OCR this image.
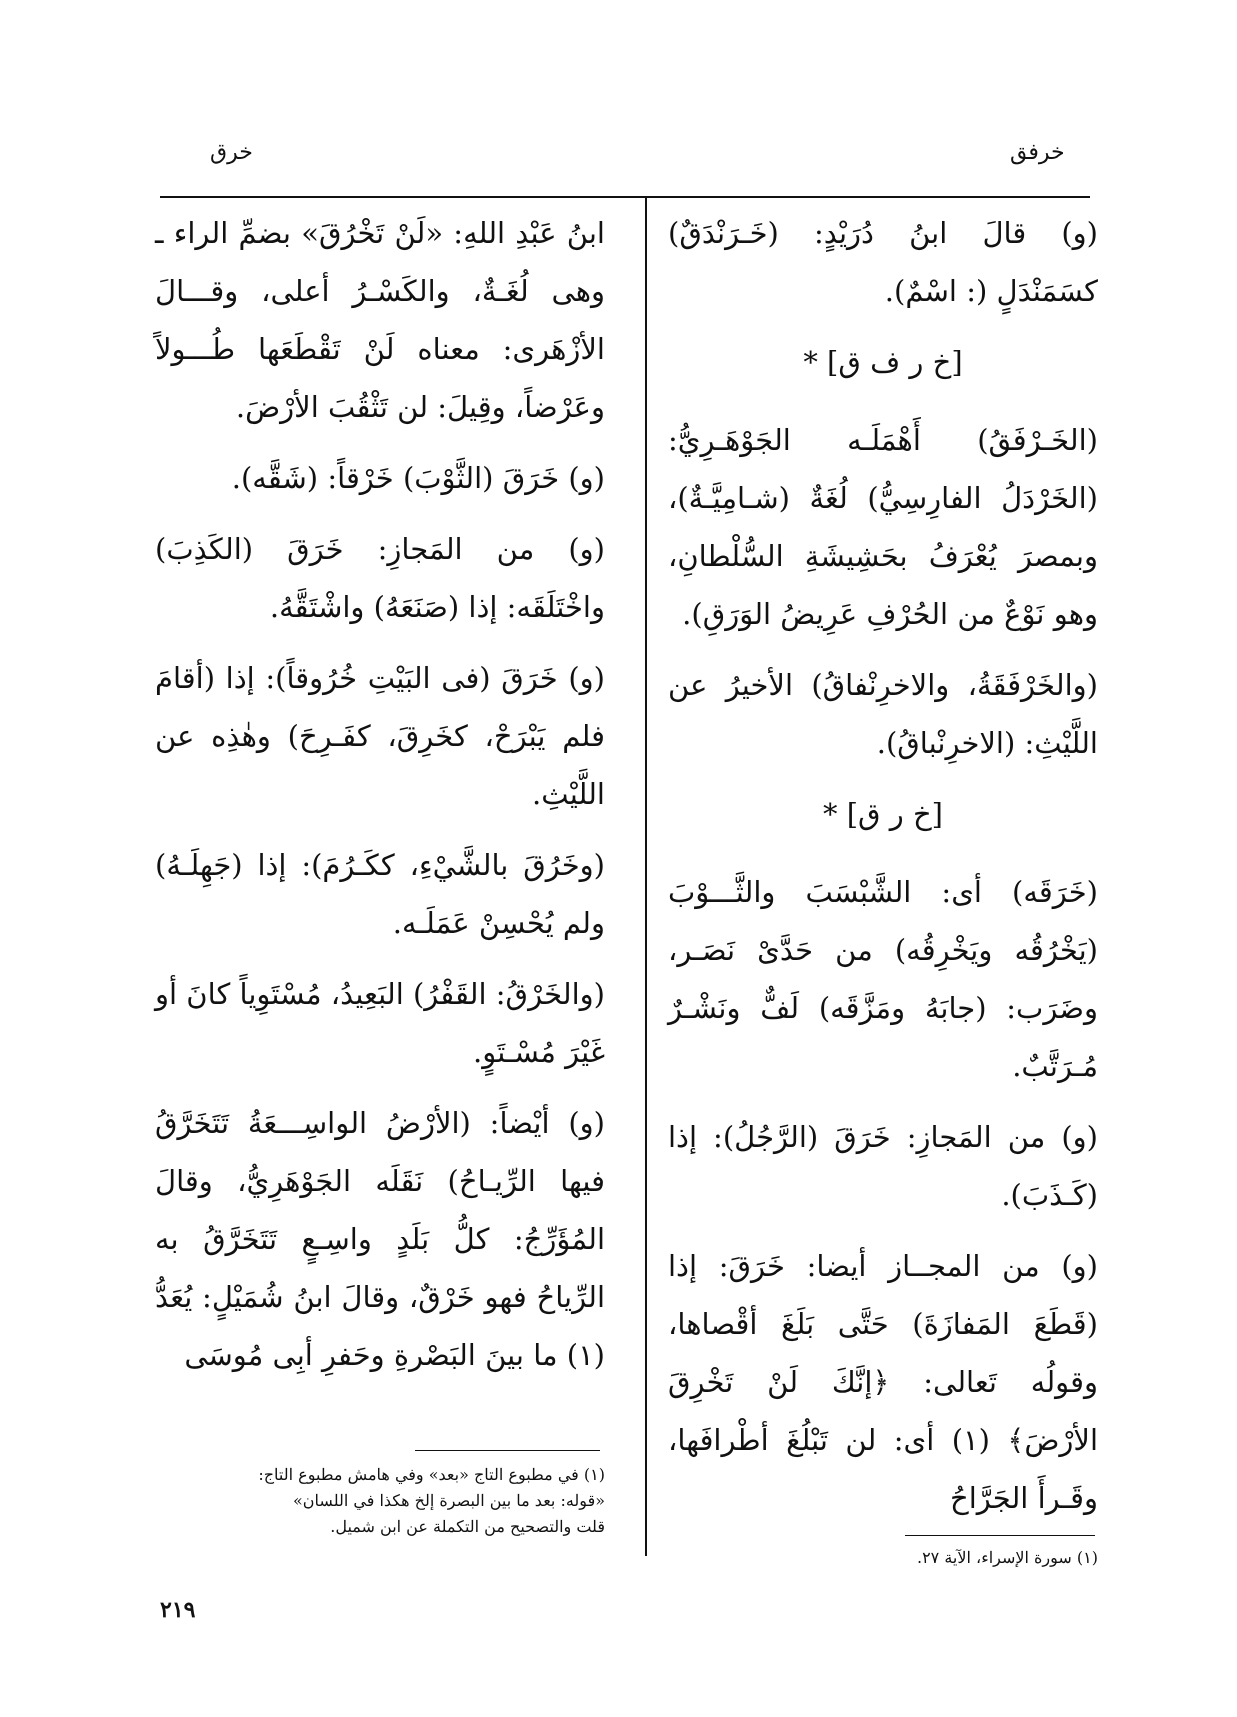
خرفق
خرق

(و) قالَ ابنُ دُرَيْدٍ: (خَـرَنْدَقٌ) كسَمَنْدَلٍ (: اسْمٌ).

[خ ر ف ق] *

(الخَـرْفَقُ) أَهْمَلَـه الجَوْهَـرِيُّ: (الخَرْدَلُ الفارِسِيُّ) لُغَةٌ (شـامِيَّـةٌ)، وبمصرَ يُعْرَفُ بحَشِيشَةِ السُّلْطانِ، وهو نَوْعٌ من الحُرْفِ عَرِيضُ الوَرَقِ).

(والخَرْفَقَةُ، والاخرِنْفاقُ) الأخيرُ عن اللَّيْثِ: (الاخرِنْباقُ).

[خ ر ق] *

(خَرَقَه) أى: الشَّبْسَبَ والثَّـــوْبَ (يَخْرُقُه ويَخْرِقُه) من حَدَّىْ نَصَـر، وضَرَب: (جابَهُ ومَزَّقَه) لَفٌّ ونَشْـرٌ مُـرَتَّبٌ.

(و) من المَجازِ: خَرَقَ (الرَّجُلُ): إذا (كَـذَبَ).

(و) من المجــاز أيضا: خَرَقَ: إذا (قَطَعَ المَفازَةَ) حَتَّى بَلَغَ أقْصاها، وقولُه تَعالى: ﴿إنَّكَ لَنْ تَخْرِقَ الأرْضَ﴾ (١) أى: لن تَبْلُغَ أطْرافَها، وقَـرأَ الجَرَّاحُ

ابنُ عَبْدِ اللهِ: «لَنْ تَخْرُقَ» بضمِّ الراء ـ وهى لُغَـةٌ، والكَسْـرُ أعلى، وقـــالَ الأزْهَرى: معناه لَنْ تَقْطَعَها طُـــولاً وعَرْضاً، وقِيلَ: لن تَثْقُبَ الأرْضَ.

(و) خَرَقَ (الثَّوْبَ) خَرْقاً: (شَقَّه).

(و) من المَجازِ: خَرَقَ (الكَذِبَ) واخْتَلَقَه: إذا (صَنَعَهُ) واشْتَقَّهُ.

(و) خَرَقَ (فى البَيْتِ خُرُوقاً): إذا (أقامَ فلم يَبْرَحْ، كخَرِقَ، كفَـرِحَ) وهٰذِه عن اللَّيْثِ.

(وخَرُقَ بالشَّيْءِ، ككَـرُمَ): إذا (جَهِلَـهُ) ولم يُحْسِنْ عَمَلَـه.

(والخَرْقُ: القَفْرُ) البَعِيدُ، مُسْتَوِياً كانَ أو غَيْرَ مُسْـتَوٍ.

(و) أيْضاً: (الأرْضُ الواسِـــعَةُ تَتَخَرَّقُ فيها الرِّيـاحُ) نَقَلَه الجَوْهَرِيُّ، وقالَ المُؤَرِّجُ: كلُّ بَلَدٍ واسِـعٍ تَتَخَرَّقُ به الرِّياحُ فهو خَرْقٌ، وقالَ ابنُ شُمَيْلٍ: يُعَدُّ (١) ما بينَ البَصْرةِ وحَفرِ أبِى مُوسَى

(١) في مطبوع التاج «بعد» وفي هامش مطبوع التاج:

«قوله: بعد ما بين البصرة إلخ هكذا في اللسان»

قلت والتصحيح من التكملة عن ابن شميل.

(١) سورة الإسراء، الآية ٢٧.

٢١٩
